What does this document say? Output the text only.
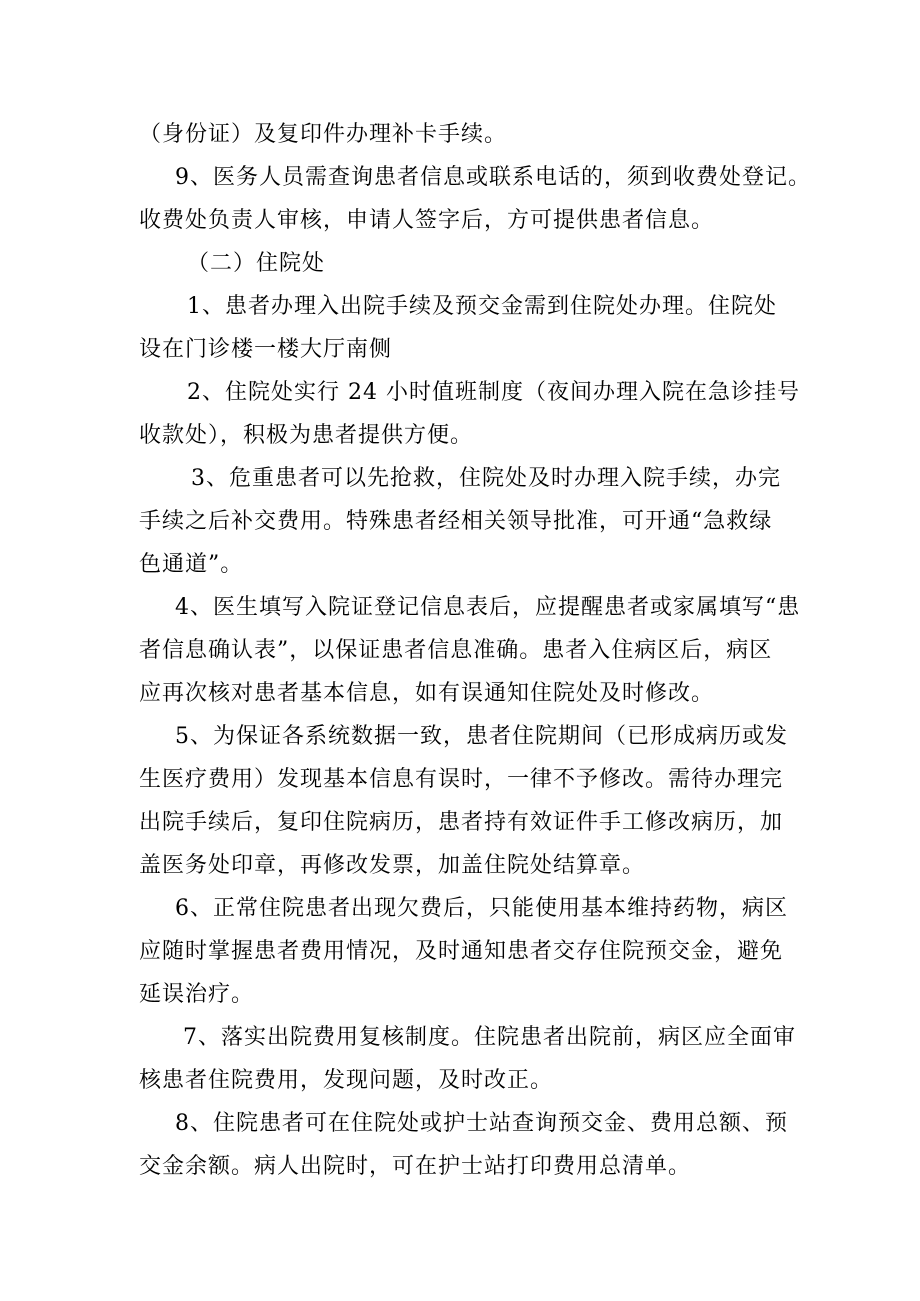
（身份证）及复印件办理补卡手续。

9、医务人员需查询患者信息或联系电话的，须到收费处登记。
收费处负责人审核，申请人签字后，方可提供患者信息。

（二）住院处

1、患者办理入出院手续及预交金需到住院处办理。住院处
设在门诊楼一楼大厅南侧

2、住院处实行 24 小时值班制度（夜间办理入院在急诊挂号
收款处），积极为患者提供方便。

3、危重患者可以先抢救，住院处及时办理入院手续，办完
手续之后补交费用。特殊患者经相关领导批准，可开通“急救绿
色通道”。

4、医生填写入院证登记信息表后，应提醒患者或家属填写“患
者信息确认表”，以保证患者信息准确。患者入住病区后，病区
应再次核对患者基本信息，如有误通知住院处及时修改。

5、为保证各系统数据一致，患者住院期间（已形成病历或发
生医疗费用）发现基本信息有误时，一律不予修改。需待办理完
出院手续后，复印住院病历，患者持有效证件手工修改病历，加
盖医务处印章，再修改发票，加盖住院处结算章。

6、正常住院患者出现欠费后，只能使用基本维持药物，病区
应随时掌握患者费用情况，及时通知患者交存住院预交金，避免
延误治疗。

7、落实出院费用复核制度。住院患者出院前，病区应全面审
核患者住院费用，发现问题，及时改正。

8、住院患者可在住院处或护士站查询预交金、费用总额、预
交金余额。病人出院时，可在护士站打印费用总清单。
